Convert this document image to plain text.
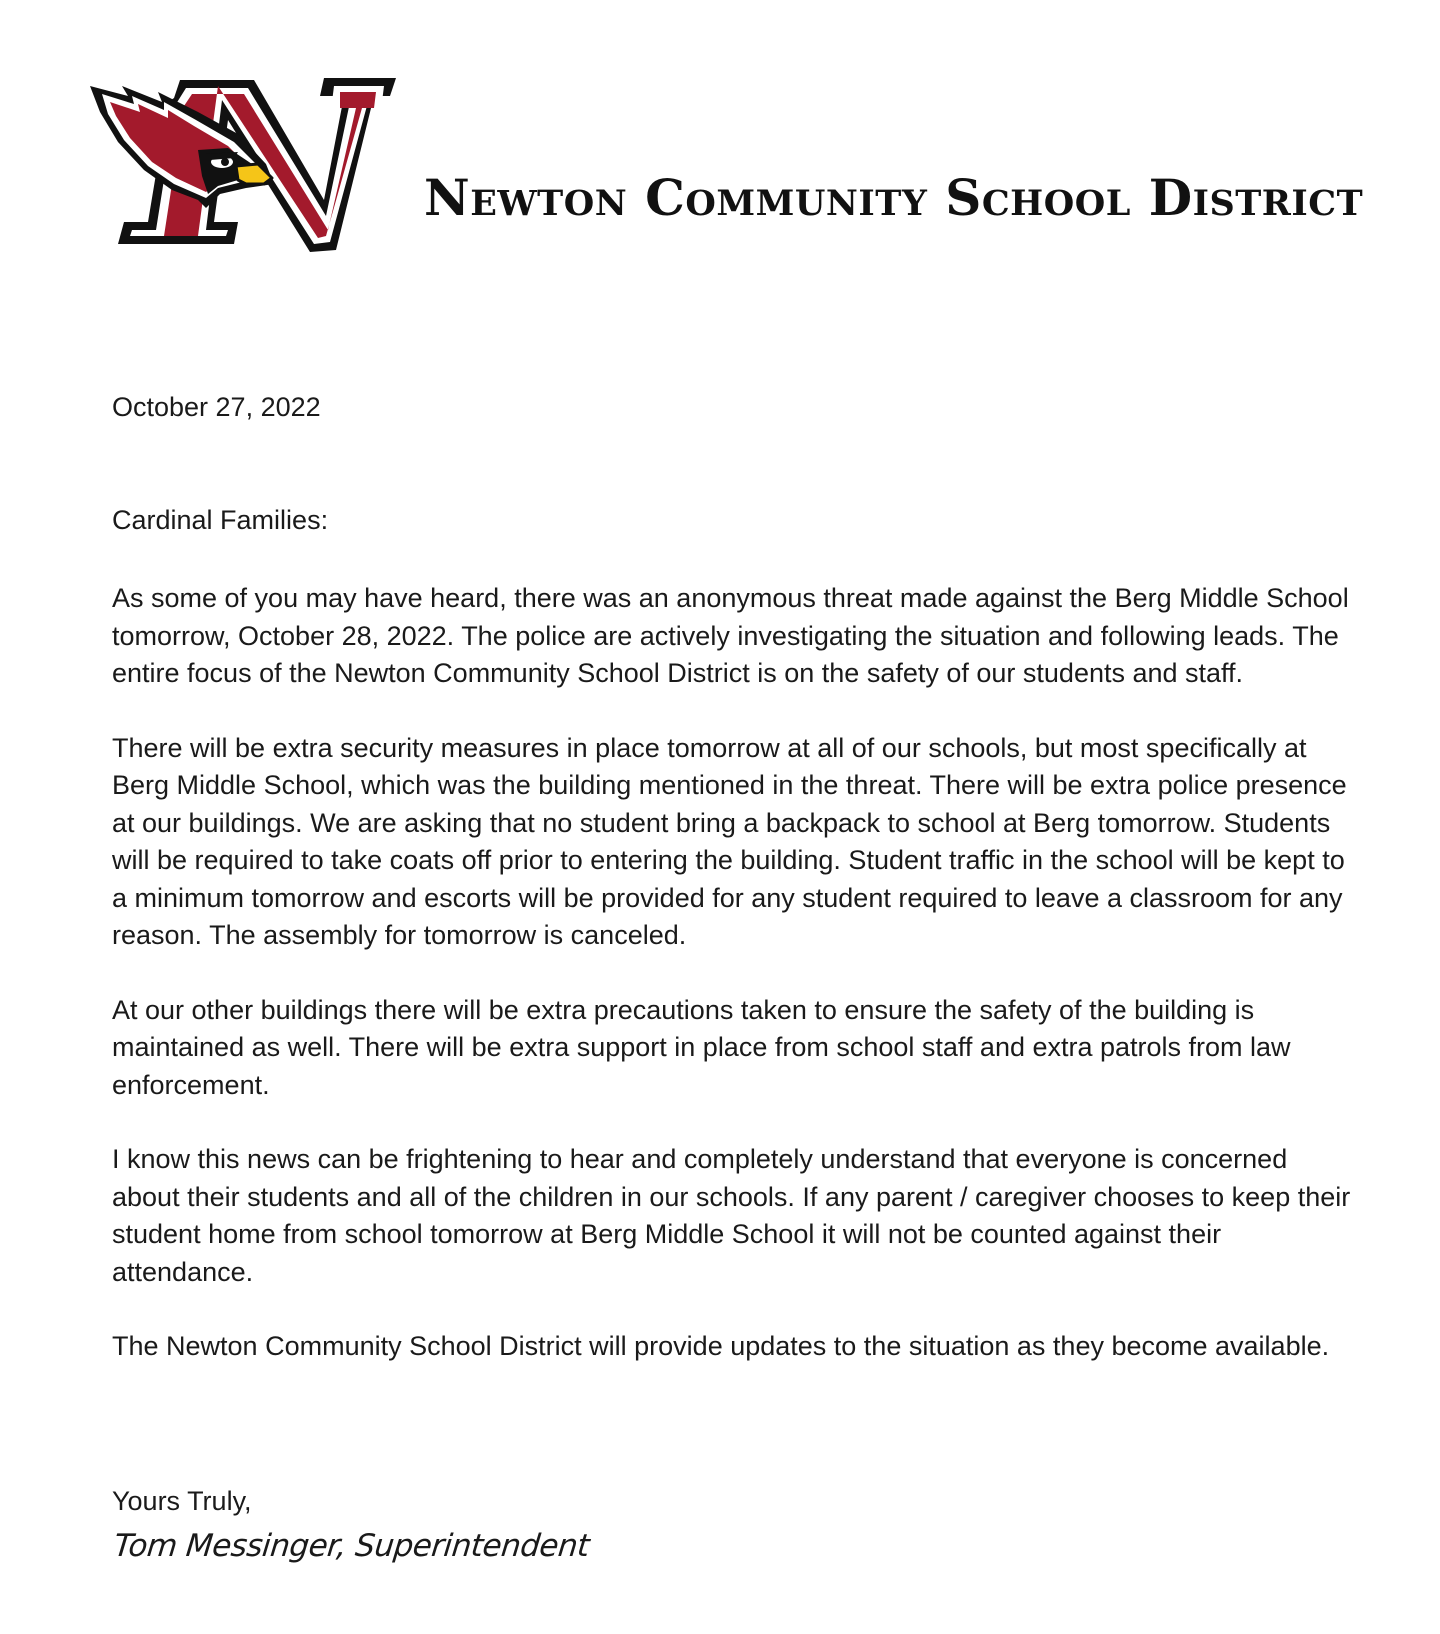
Newton Community School District

October 27, 2022

Cardinal Families:

As some of you may have heard, there was an anonymous threat made against the Berg Middle School tomorrow, October 28, 2022. The police are actively investigating the situation and following leads. The entire focus of the Newton Community School District is on the safety of our students and staff.

There will be extra security measures in place tomorrow at all of our schools, but most specifically at Berg Middle School, which was the building mentioned in the threat. There will be extra police presence at our buildings. We are asking that no student bring a backpack to school at Berg tomorrow. Students will be required to take coats off prior to entering the building. Student traffic in the school will be kept to a minimum tomorrow and escorts will be provided for any student required to leave a classroom for any reason. The assembly for tomorrow is canceled.

At our other buildings there will be extra precautions taken to ensure the safety of the building is maintained as well. There will be extra support in place from school staff and extra patrols from law enforcement.

I know this news can be frightening to hear and completely understand that everyone is concerned about their students and all of the children in our schools. If any parent / caregiver chooses to keep their student home from school tomorrow at Berg Middle School it will not be counted against their attendance.

The Newton Community School District will provide updates to the situation as they become available.

Yours Truly,

Tom Messinger, Superintendent
